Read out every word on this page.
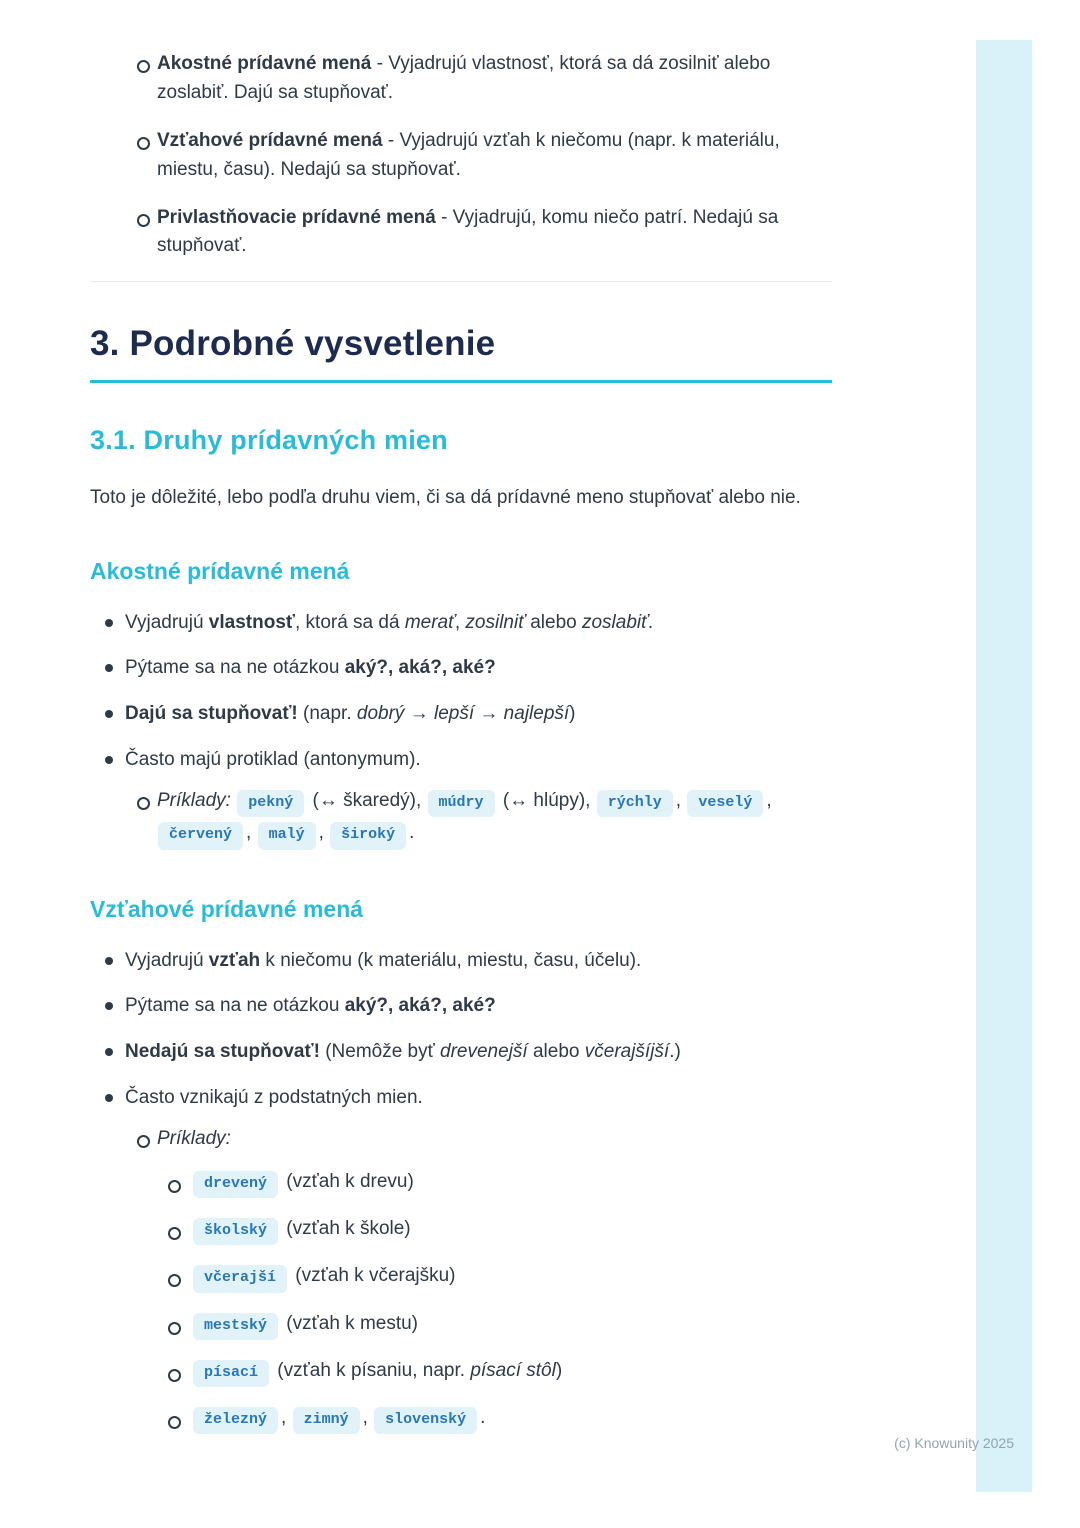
Akostné prídavné mená - Vyjadrujú vlastnosť, ktorá sa dá zosilniť alebo zoslabiť. Dajú sa stupňovať.
Vzťahové prídavné mená - Vyjadrujú vzťah k niečomu (napr. k materiálu, miestu, času). Nedajú sa stupňovať.
Privlastňovacie prídavné mená - Vyjadrujú, komu niečo patrí. Nedajú sa stupňovať.
3. Podrobné vysvetlenie
3.1. Druhy prídavných mien

Toto je dôležité, lebo podľa druhu viem, či sa dá prídavné meno stupňovať alebo nie.

Akostné prídavné mená
Vyjadrujú vlastnosť, ktorá sa dá merať, zosilniť alebo zoslabiť.
Pýtame sa na ne otázkou aký?, aká?, aké?
Dajú sa stupňovať! (napr. dobrý → lepší → najlepší)
Často majú protiklad (antonymum).
Príklady: pekný (↔ škaredý), múdry (↔ hlúpy), rýchly , veselý , červený , malý , široký .
Vzťahové prídavné mená
Vyjadrujú vzťah k niečomu (k materiálu, miestu, času, účelu).
Pýtame sa na ne otázkou aký?, aká?, aké?
Nedajú sa stupňovať! (Nemôže byť drevenejší alebo včerajšíjší.)
Často vznikajú z podstatných mien.
Príklady:
drevený (vzťah k drevu)
školský (vzťah k škole)
včerajší (vzťah k včerajšku)
mestský (vzťah k mestu)
písací (vzťah k písaniu, napr. písací stôl)
železný , zimný , slovenský .
(c) Knowunity 2025
